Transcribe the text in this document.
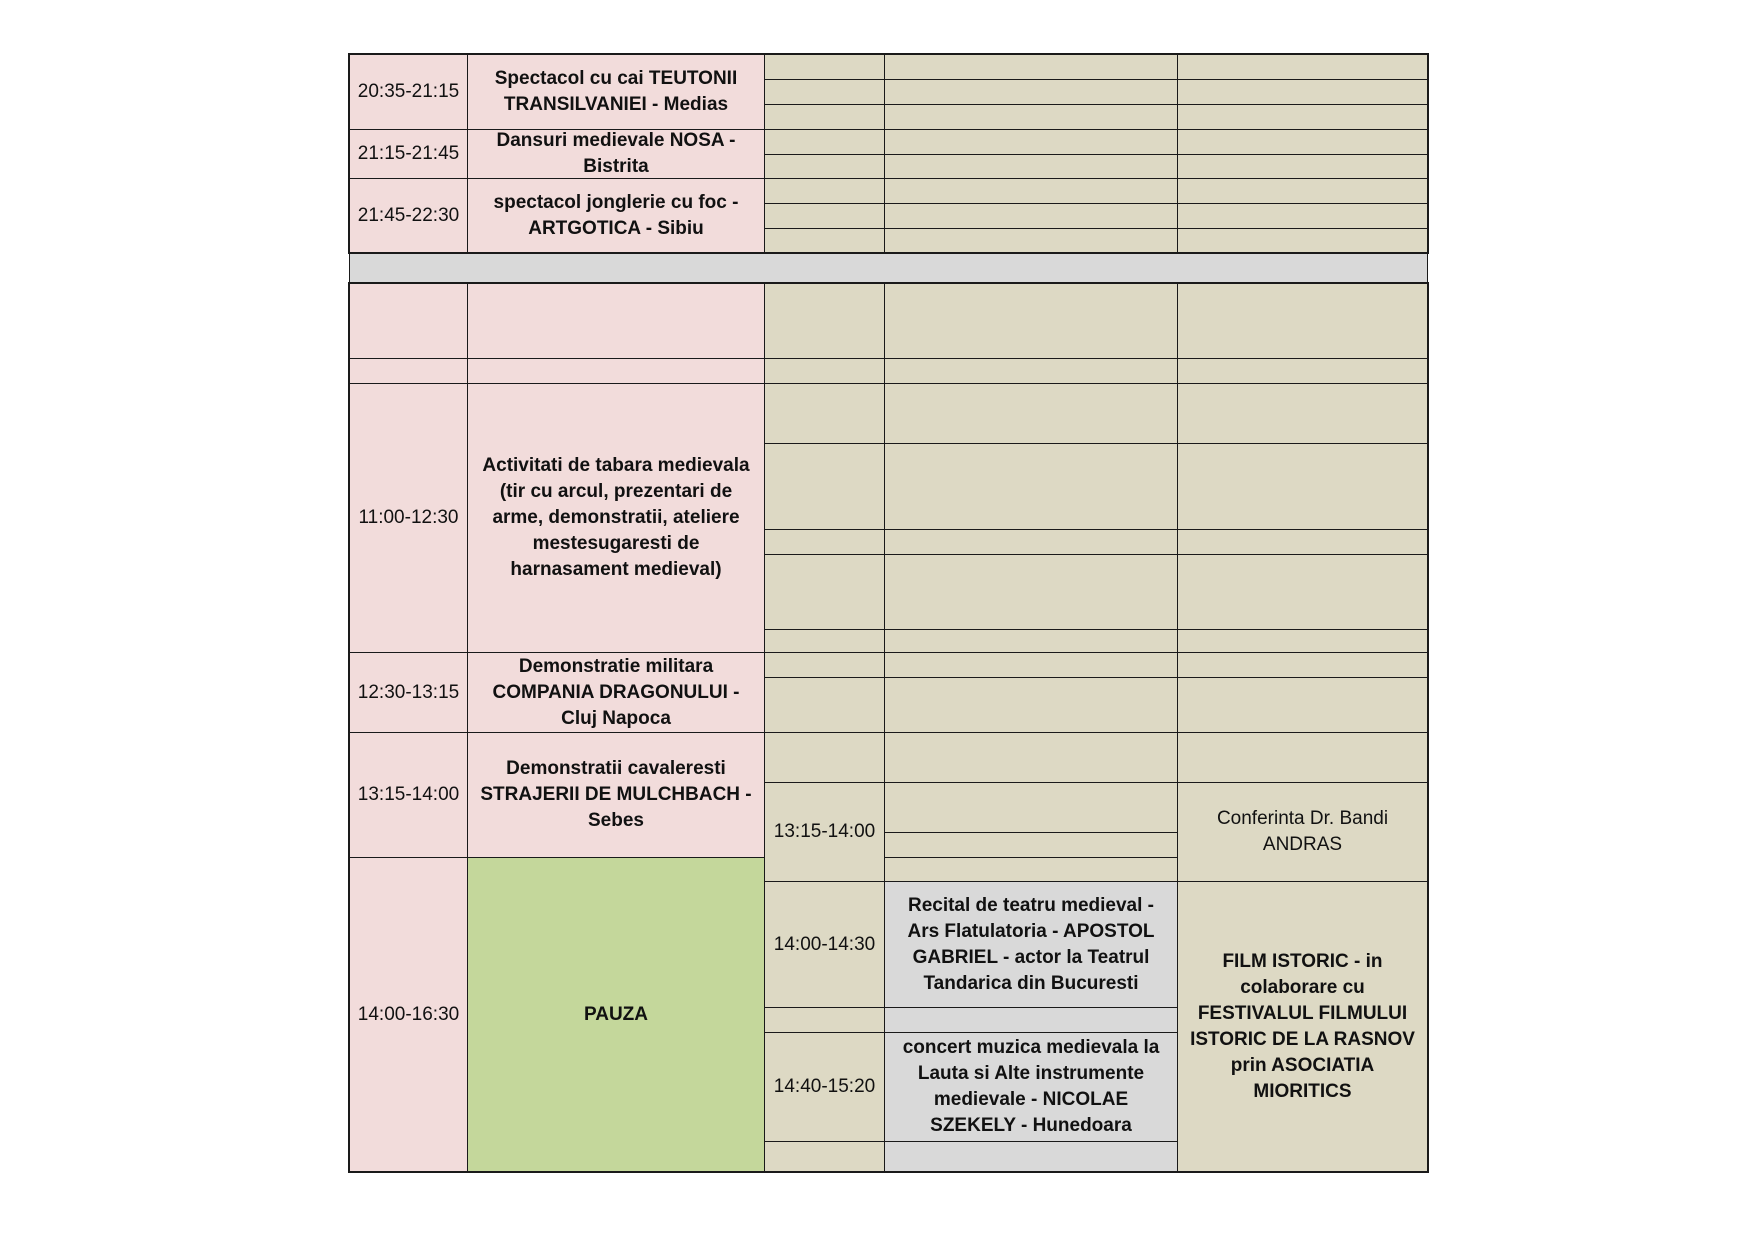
20:35-21:15
Spectacol cu cai TEUTONII TRANSILVANIEI - Medias
21:15-21:45
Dansuri medievale NOSA - Bistrita
21:45-22:30
spectacol jonglerie cu foc - ARTGOTICA - Sibiu
11:00-12:30
Activitati de tabara medievala (tir cu arcul, prezentari de arme, demonstratii, ateliere mestesugaresti de harnasament medieval)
12:30-13:15
Demonstratie militara COMPANIA DRAGONULUI - Cluj Napoca
13:15-14:00
Demonstratii cavaleresti STRAJERII DE MULCHBACH - Sebes
14:00-16:30	PAUZA
13:15-14:00
Conferinta Dr. Bandi ANDRAS
14:00-14:30
Recital de teatru medieval - Ars Flatulatoria - APOSTOL GABRIEL - actor la Teatrul Tandarica din Bucuresti
14:40-15:20
concert muzica medievala la Lauta si Alte instrumente medievale - NICOLAE SZEKELY - Hunedoara
FILM ISTORIC - in colaborare cu FESTIVALUL FILMULUI ISTORIC DE LA RASNOV prin ASOCIATIA MIORITICS
